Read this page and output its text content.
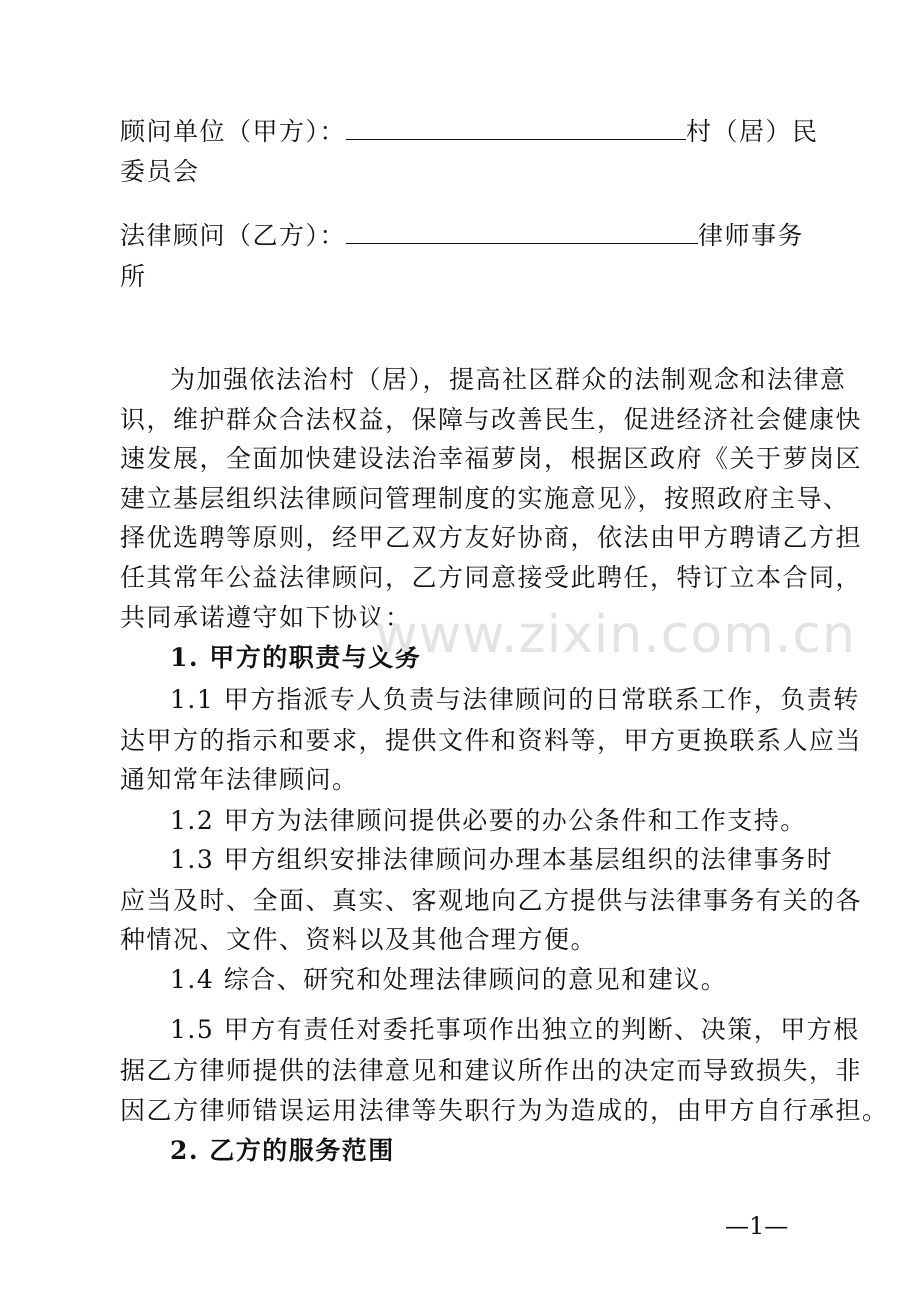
顾问单位（甲方）：	村（居）民
委员会
法律顾问（乙方）：	律师事务
所
为加强依法治村（居），提高社区群众的法制观念和法律意
识，维护群众合法权益，保障与改善民生，促进经济社会健康快
速发展，全面加快建设法治幸福萝岗，根据区政府《关于萝岗区
建立基层组织法律顾问管理制度的实施意见》，按照政府主导、
择优选聘等原则，经甲乙双方友好协商，依法由甲方聘请乙方担
任其常年公益法律顾问，乙方同意接受此聘任，特订立本合同，
共同承诺遵守如下协议：
1. 甲方的职责与义务
1.1 甲方指派专人负责与法律顾问的日常联系工作，负责转
达甲方的指示和要求，提供文件和资料等，甲方更换联系人应当
通知常年法律顾问。
1.2 甲方为法律顾问提供必要的办公条件和工作支持。
1.3 甲方组织安排法律顾问办理本基层组织的法律事务时
应当及时、全面、真实、客观地向乙方提供与法律事务有关的各
种情况、文件、资料以及其他合理方便。
1.4 综合、研究和处理法律顾问的意见和建议。
1.5 甲方有责任对委托事项作出独立的判断、决策，甲方根
据乙方律师提供的法律意见和建议所作出的决定而导致损失，非
因乙方律师错误运用法律等失职行为为造成的，由甲方自行承担。
2. 乙方的服务范围
www.zixin.com.cn
—1—
